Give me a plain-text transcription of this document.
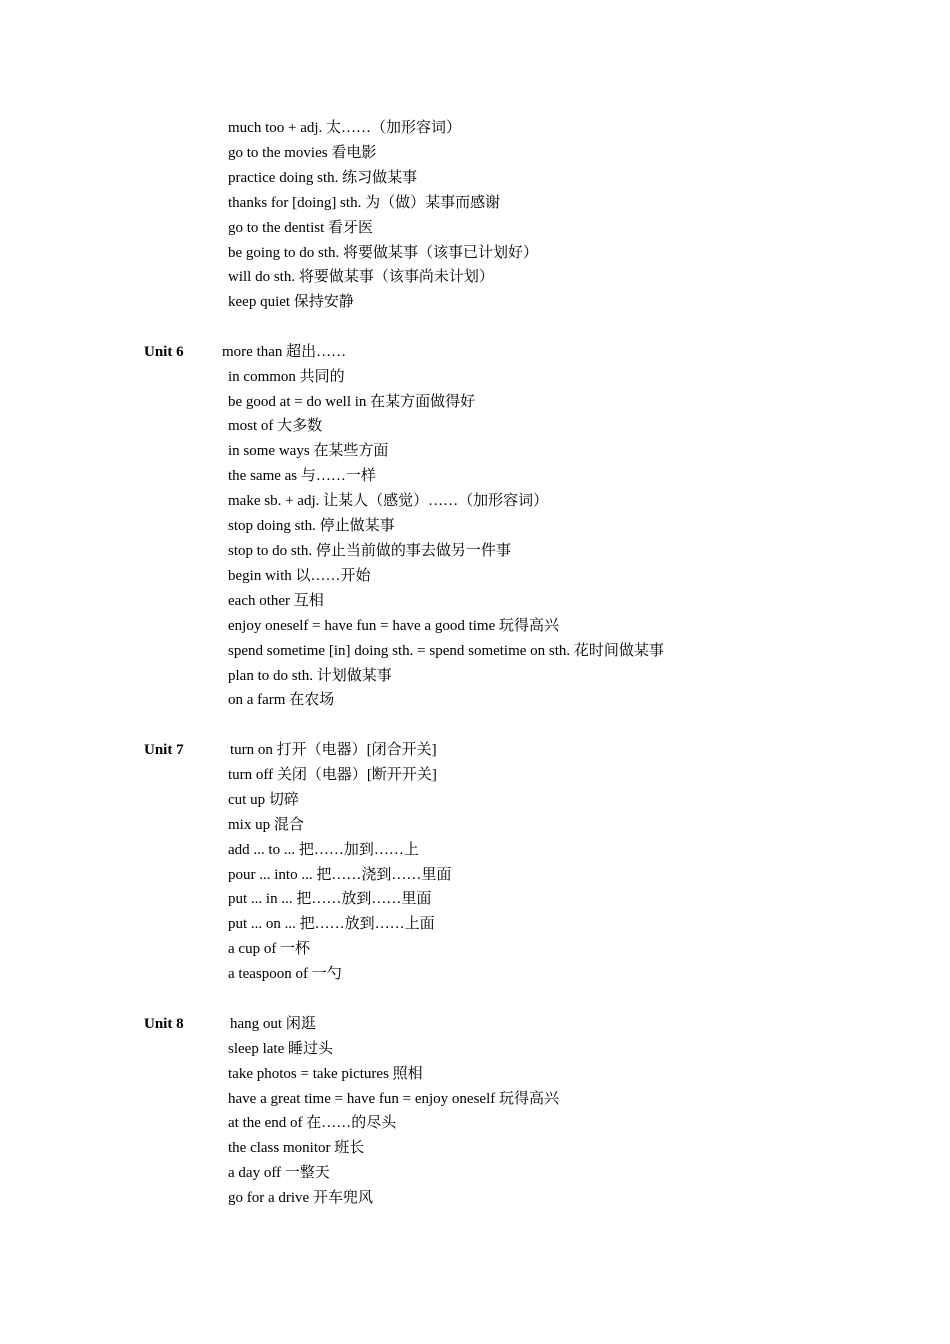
much too + adj. 太……（加形容词）
go to the movies 看电影
practice doing sth. 练习做某事
thanks for [doing] sth. 为（做）某事而感谢
go to the dentist 看牙医
be going to do sth. 将要做某事（该事已计划好）
will do sth. 将要做某事（该事尚未计划）
keep quiet 保持安静
Unit 6	more than 超出……
in common 共同的
be good at = do well in 在某方面做得好
most of 大多数
in some ways 在某些方面
the same as 与……一样
make sb. + adj. 让某人（感觉）……（加形容词）
stop doing sth. 停止做某事
stop to do sth. 停止当前做的事去做另一件事
begin with 以……开始
each other 互相
enjoy oneself = have fun = have a good time 玩得高兴
spend sometime [in] doing sth. = spend sometime on sth. 花时间做某事
plan to do sth. 计划做某事
on a farm 在农场
Unit 7	turn on 打开（电器）[闭合开关]
turn off 关闭（电器）[断开开关]
cut up 切碎
mix up 混合
add ... to ... 把……加到……上
pour ... into ... 把……浇到……里面
put ... in ... 把……放到……里面
put ... on ... 把……放到……上面
a cup of 一杯
a teaspoon of 一勺
Unit 8	hang out 闲逛
sleep late 睡过头
take photos = take pictures 照相
have a great time = have fun = enjoy oneself 玩得高兴
at the end of 在……的尽头
the class monitor 班长
a day off 一整天
go for a drive 开车兜风
